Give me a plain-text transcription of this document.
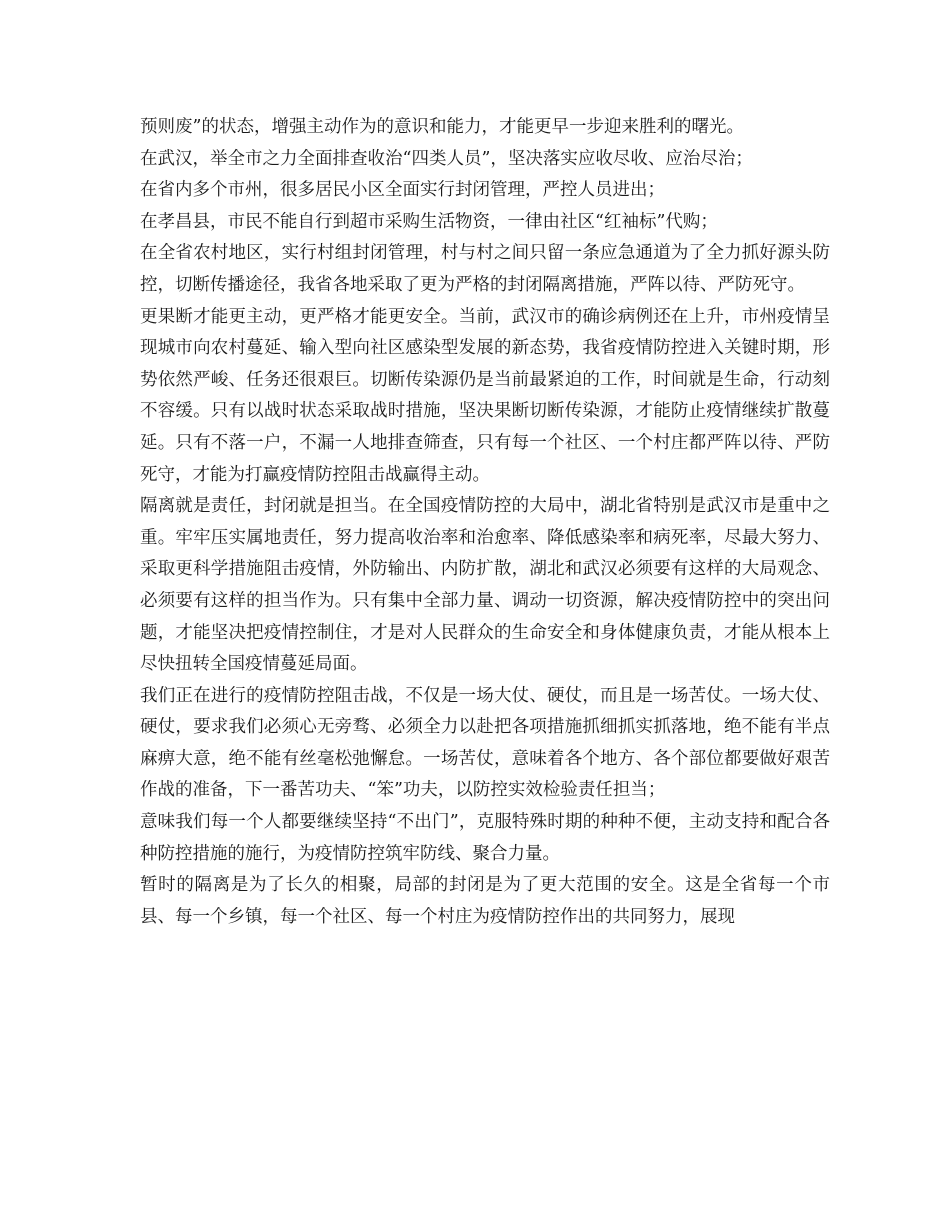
预则废”的状态，增强主动作为的意识和能力，才能更早一步迎来胜利的曙光。

在武汉，举全市之力全面排查收治“四类人员”，坚决落实应收尽收、应治尽治；

在省内多个市州，很多居民小区全面实行封闭管理，严控人员进出；

在孝昌县，市民不能自行到超市采购生活物资，一律由社区“红袖标”代购；

在全省农村地区，实行村组封闭管理，村与村之间只留一条应急通道为了全力抓好源头防控，切断传播途径，我省各地采取了更为严格的封闭隔离措施，严阵以待、严防死守。

更果断才能更主动，更严格才能更安全。当前，武汉市的确诊病例还在上升，市州疫情呈现城市向农村蔓延、输入型向社区感染型发展的新态势，我省疫情防控进入关键时期，形势依然严峻、任务还很艰巨。切断传染源仍是当前最紧迫的工作，时间就是生命，行动刻不容缓。只有以战时状态采取战时措施，坚决果断切断传染源，才能防止疫情继续扩散蔓延。只有不落一户，不漏一人地排查筛查，只有每一个社区、一个村庄都严阵以待、严防死守，才能为打赢疫情防控阻击战赢得主动。

隔离就是责任，封闭就是担当。在全国疫情防控的大局中，湖北省特别是武汉市是重中之重。牢牢压实属地责任，努力提高收治率和治愈率、降低感染率和病死率，尽最大努力、采取更科学措施阻击疫情，外防输出、内防扩散，湖北和武汉必须要有这样的大局观念、必须要有这样的担当作为。只有集中全部力量、调动一切资源，解决疫情防控中的突出问题，才能坚决把疫情控制住，才是对人民群众的生命安全和身体健康负责，才能从根本上尽快扭转全国疫情蔓延局面。

我们正在进行的疫情防控阻击战，不仅是一场大仗、硬仗，而且是一场苦仗。一场大仗、硬仗，要求我们必须心无旁骛、必须全力以赴把各项措施抓细抓实抓落地，绝不能有半点麻痹大意，绝不能有丝毫松弛懈怠。一场苦仗，意味着各个地方、各个部位都要做好艰苦作战的准备，下一番苦功夫、“笨”功夫，以防控实效检验责任担当；

意味我们每一个人都要继续坚持“不出门”，克服特殊时期的种种不便，主动支持和配合各种防控措施的施行，为疫情防控筑牢防线、聚合力量。

暂时的隔离是为了长久的相聚，局部的封闭是为了更大范围的安全。这是全省每一个市县、每一个乡镇，每一个社区、每一个村庄为疫情防控作出的共同努力，展现
